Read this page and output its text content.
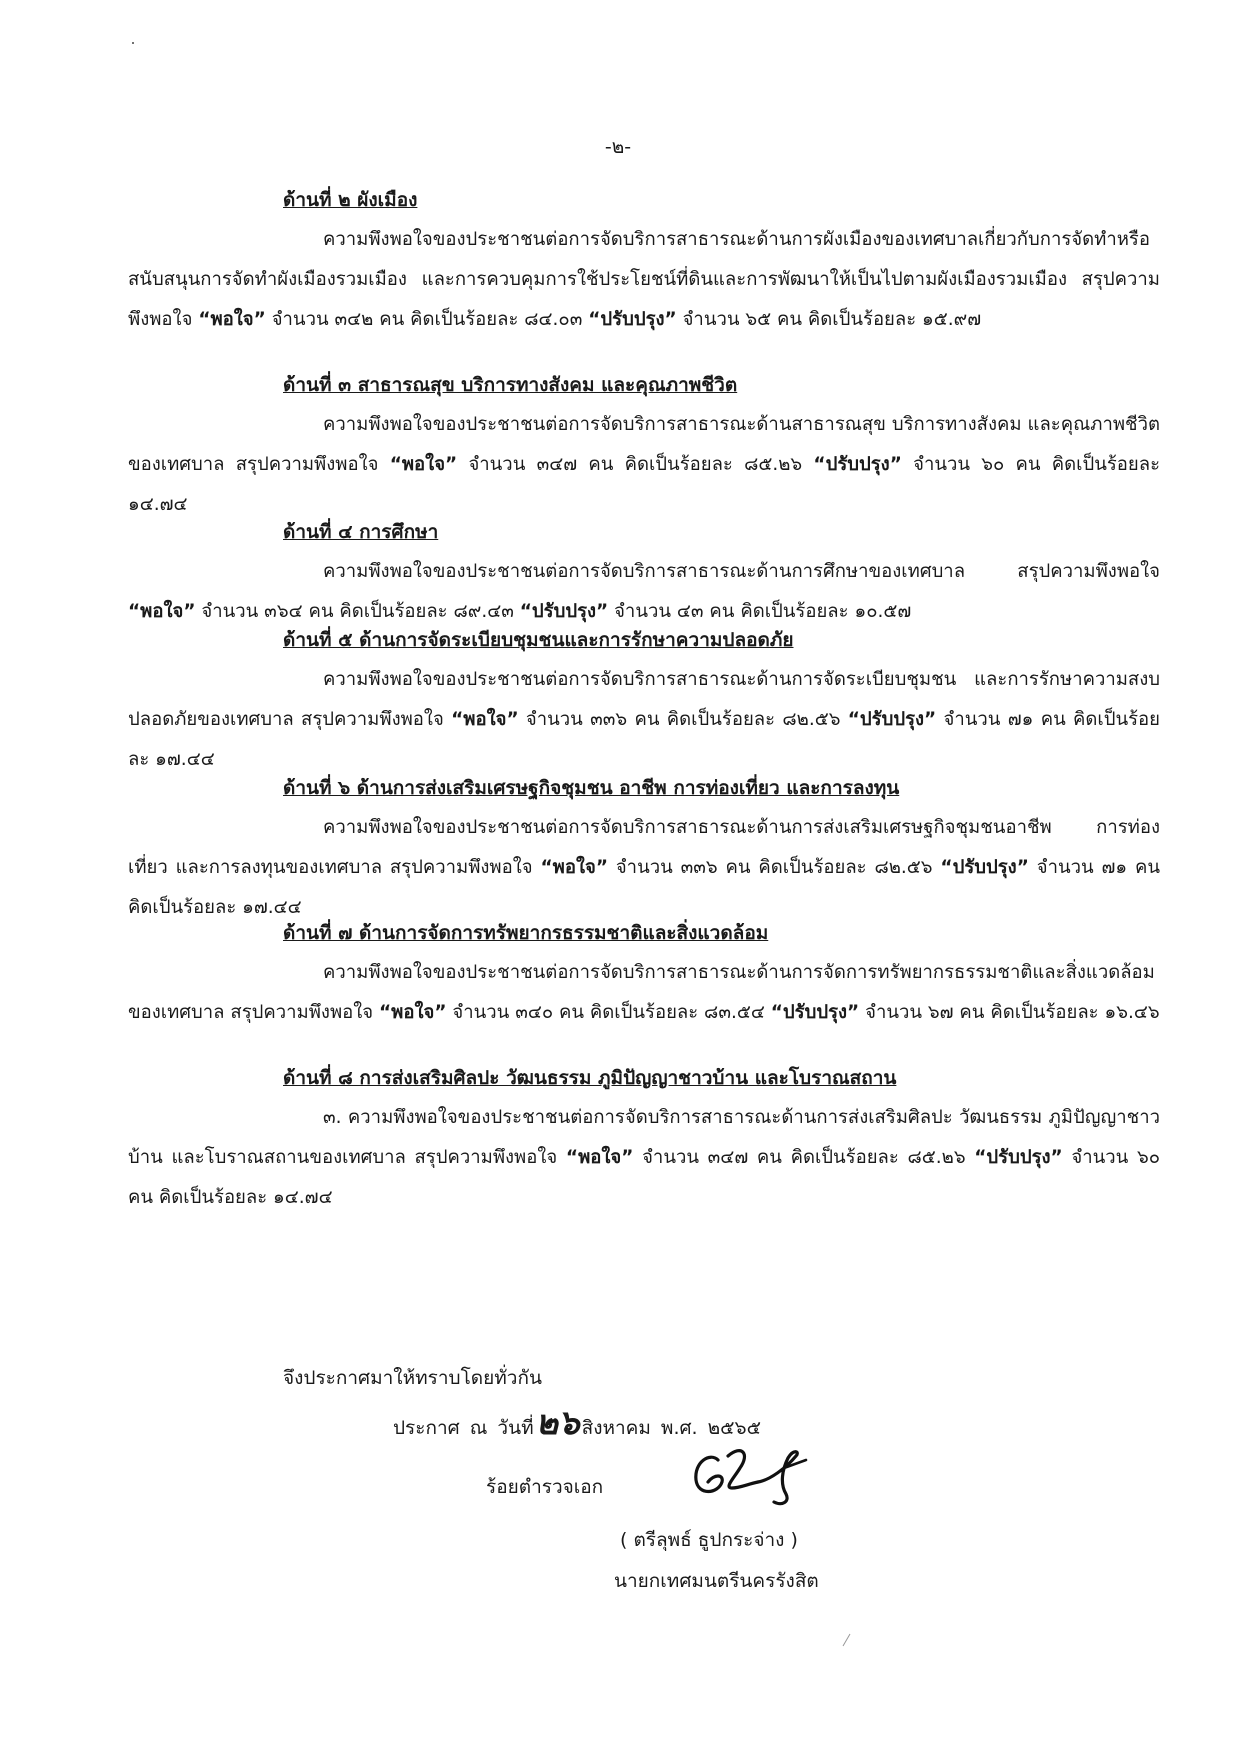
-๒-
ด้านที่ ๒ ผังเมือง

ความพึงพอใจของประชาชนต่อการจัดบริการสาธารณะด้านการผังเมืองของเทศบาลเกี่ยวกับการจัดทำหรือสนับสนุนการจัดทำผังเมืองรวมเมือง และการควบคุมการใช้ประโยชน์ที่ดินและการพัฒนาให้เป็นไปตามผังเมืองรวมเมือง สรุปความพึงพอใจ “พอใจ” จำนวน ๓๔๒ คน คิดเป็นร้อยละ ๘๔.๐๓ “ปรับปรุง” จำนวน ๖๕ คน คิดเป็นร้อยละ ๑๕.๙๗

ด้านที่ ๓ สาธารณสุข บริการทางสังคม และคุณภาพชีวิต

ความพึงพอใจของประชาชนต่อการจัดบริการสาธารณะด้านสาธารณสุข บริการทางสังคม และคุณภาพชีวิตของเทศบาล สรุปความพึงพอใจ “พอใจ” จำนวน ๓๔๗ คน คิดเป็นร้อยละ ๘๕.๒๖ “ปรับปรุง” จำนวน ๖๐ คน คิดเป็นร้อยละ ๑๔.๗๔

ด้านที่ ๔ การศึกษา

ความพึงพอใจของประชาชนต่อการจัดบริการสาธารณะด้านการศึกษาของเทศบาล สรุปความพึงพอใจ “พอใจ” จำนวน ๓๖๔ คน คิดเป็นร้อยละ ๘๙.๔๓ “ปรับปรุง” จำนวน ๔๓ คน คิดเป็นร้อยละ ๑๐.๕๗

ด้านที่ ๕ ด้านการจัดระเบียบชุมชนและการรักษาความปลอดภัย

ความพึงพอใจของประชาชนต่อการจัดบริการสาธารณะด้านการจัดระเบียบชุมชน และการรักษาความสงบปลอดภัยของเทศบาล สรุปความพึงพอใจ “พอใจ” จำนวน ๓๓๖ คน คิดเป็นร้อยละ ๘๒.๕๖ “ปรับปรุง” จำนวน ๗๑ คน คิดเป็นร้อยละ ๑๗.๔๔

ด้านที่ ๖ ด้านการส่งเสริมเศรษฐกิจชุมชน อาชีพ การท่องเที่ยว และการลงทุน

ความพึงพอใจของประชาชนต่อการจัดบริการสาธารณะด้านการส่งเสริมเศรษฐกิจชุมชนอาชีพ การท่องเที่ยว และการลงทุนของเทศบาล สรุปความพึงพอใจ “พอใจ” จำนวน ๓๓๖ คน คิดเป็นร้อยละ ๘๒.๕๖ “ปรับปรุง” จำนวน ๗๑ คน คิดเป็นร้อยละ ๑๗.๔๔

ด้านที่ ๗ ด้านการจัดการทรัพยากรธรรมชาติและสิ่งแวดล้อม

ความพึงพอใจของประชาชนต่อการจัดบริการสาธารณะด้านการจัดการทรัพยากรธรรมชาติและสิ่งแวดล้อมของเทศบาล สรุปความพึงพอใจ “พอใจ” จำนวน ๓๔๐ คน คิดเป็นร้อยละ ๘๓.๕๔ “ปรับปรุง” จำนวน ๖๗ คน คิดเป็นร้อยละ ๑๖.๔๖

ด้านที่ ๘ การส่งเสริมศิลปะ วัฒนธรรม ภูมิปัญญาชาวบ้าน และโบราณสถาน

๓. ความพึงพอใจของประชาชนต่อการจัดบริการสาธารณะด้านการส่งเสริมศิลปะ วัฒนธรรม ภูมิปัญญาชาวบ้าน และโบราณสถานของเทศบาล สรุปความพึงพอใจ “พอใจ” จำนวน ๓๔๗ คน คิดเป็นร้อยละ ๘๕.๒๖ “ปรับปรุง” จำนวน ๖๐ คน คิดเป็นร้อยละ ๑๔.๗๔

จึงประกาศมาให้ทราบโดยทั่วกัน
ประกาศ ณ วันที่๒๖ สิงหาคม พ.ศ. ๒๕๖๕
ร้อยตำรวจเอก
( ตรีลุพธ์ ธูปกระจ่าง )
นายกเทศมนตรีนครรังสิต
